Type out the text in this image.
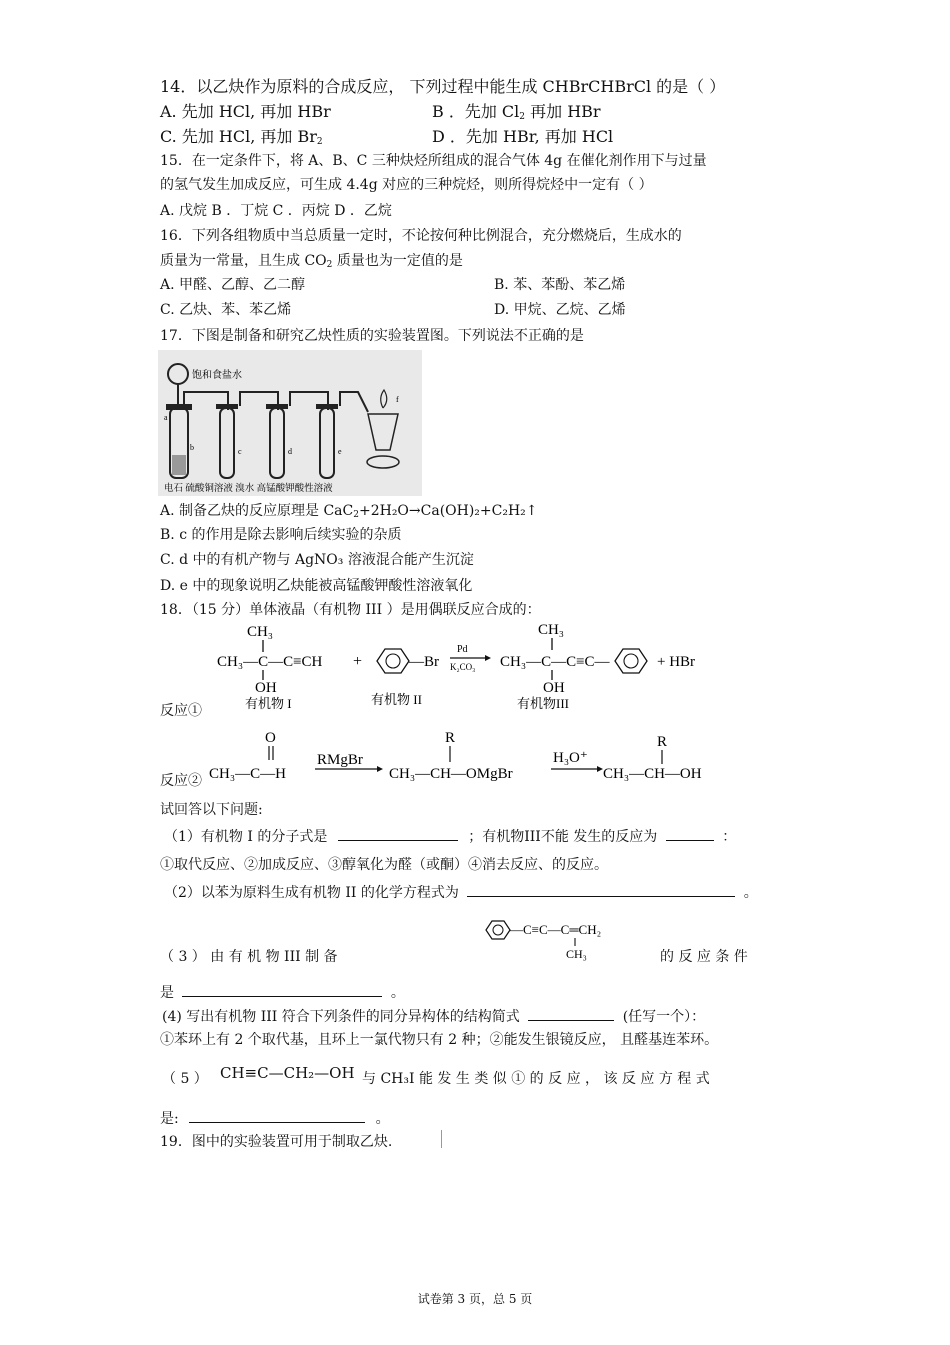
14．以乙炔作为原料的合成反应， 下列过程中能生成 CHBrCHBrCl 的是（ ）
A. 先加 HCl, 再加 HBr	B ．先加 $Cl_2$ 再加 HBr
C. 先加 HCl, 再加 $Br_2$	D ．先加 HBr, 再加 HCl
15．在一定条件下，将 A、B、C 三种炔烃所组成的混合气体 4g 在催化剂作用下与过量
的氢气发生加成反应，可生成 4.4g 对应的三种烷烃，则所得烷烃中一定有（ ）
A. 戊烷 B ．丁烷 C ．丙烷 D ．乙烷
16．下列各组物质中当总质量一定时，不论按何种比例混合，充分燃烧后，生成水的
质量为一常量，且生成 $CO_2$ 质量也为一定值的是
A. 甲醛、乙醇、乙二醇	B. 苯、苯酚、苯乙烯
C. 乙炔、苯、苯乙烯	D. 甲烷、乙烷、乙烯
17．下图是制备和研究乙炔性质的实验装置图。下列说法不正确的是
饱和食盐水
a
b	c	d	e
f
电石 硫酸铜溶液 溴水 高锰酸钾酸性溶液
A. 制备乙炔的反应原理是 CaC$_2$+2H₂O→Ca(OH)₂+C₂H₂↑
B. c 的作用是除去影响后续实验的杂质
C. d 中的有机产物与 AgNO₃ 溶液混合能产生沉淀
D. e 中的现象说明乙炔能被高锰酸钾酸性溶液氧化
18．（15 分）单体液晶（有机物 III ）是用偶联反应合成的：
CH₃
CH₃—C—C≡CH
OH
+	—Br
Pd
K₂CO₃
CH₃
CH₃—C—C≡C—
OH
+ HBr
有机物 I	有机物 II	有机物III
反应①
O
CH₃—C—H
RMgBr
R
CH₃—CH—OMgBr
H₃O⁺
R
CH₃—CH—OH
反应②
试回答以下问题:
（1）有机物 I 的分子式是	；有机物III不能 发生的反应为	：
①取代反应、②加成反应、③醇氧化为醛（或酮）④消去反应、的反应。
（2）以苯为原料生成有机物 II 的化学方程式为	。
（ 3 ） 由 有 机 物 III 制 备
—C≡C—C═CH₂
CH₃	的 反 应 条 件
是	。
(4) 写出有机物 III 符合下列条件的同分异构体的结构简式	(任写一个）：
①苯环上有 2 个取代基，且环上一氯代物只有 2 种；②能发生银镜反应， 且醛基连苯环。
（ 5 ） CH≡C—CH₂—OH 与 CH₃I 能 发 生 类 似 ① 的 反 应 ， 该 反 应 方 程 式
是:	。
19．图中的实验装置可用于制取乙炔.
试卷第 3 页，总 5 页
